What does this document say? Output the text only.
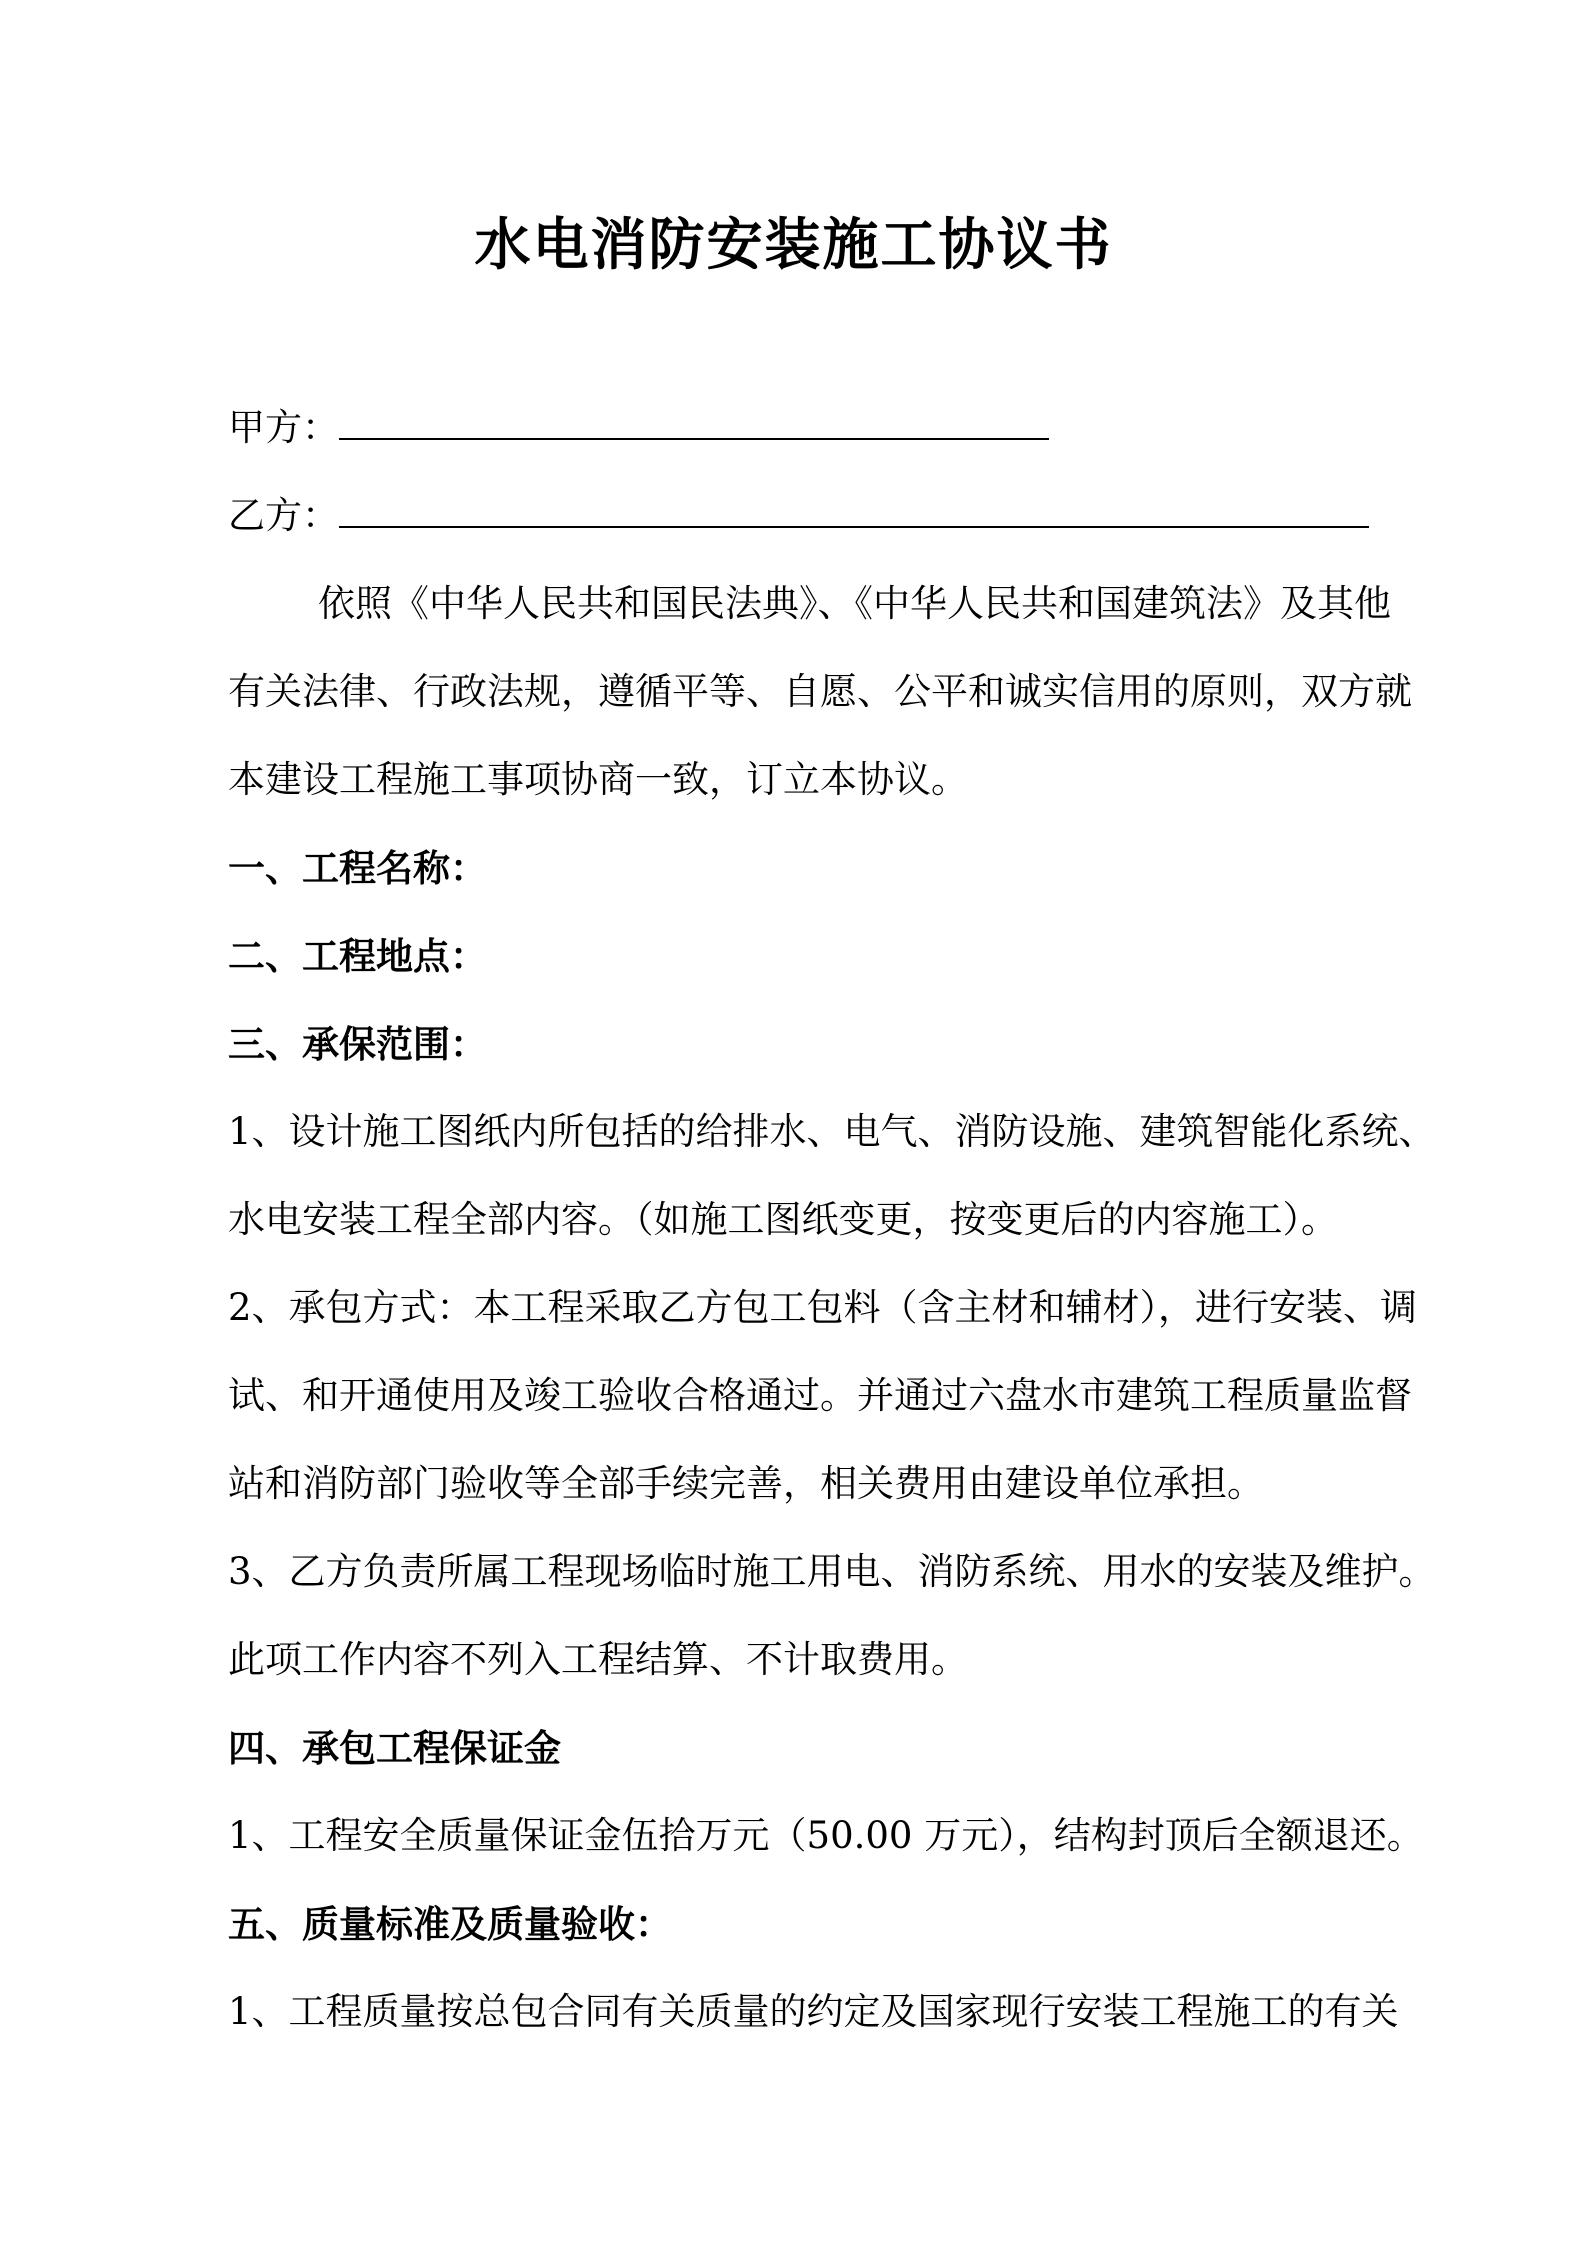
水电消防安装施工协议书
甲方：
乙方：
依照《中华人民共和国民法典》、《中华人民共和国建筑法》及其他
有关法律、行政法规，遵循平等、自愿、公平和诚实信用的原则，双方就
本建设工程施工事项协商一致，订立本协议。
一、工程名称：
二、工程地点：
三、承保范围：
1、设计施工图纸内所包括的给排水、电气、消防设施、建筑智能化系统、
水电安装工程全部内容。（如施工图纸变更，按变更后的内容施工）。
2、承包方式：本工程采取乙方包工包料（含主材和辅材），进行安装、调
试、和开通使用及竣工验收合格通过。并通过六盘水市建筑工程质量监督
站和消防部门验收等全部手续完善，相关费用由建设单位承担。
3、乙方负责所属工程现场临时施工用电、消防系统、用水的安装及维护。
此项工作内容不列入工程结算、不计取费用。
四、承包工程保证金
1、工程安全质量保证金伍拾万元（50.00 万元），结构封顶后全额退还。
五、质量标准及质量验收：
1、工程质量按总包合同有关质量的约定及国家现行安装工程施工的有关
